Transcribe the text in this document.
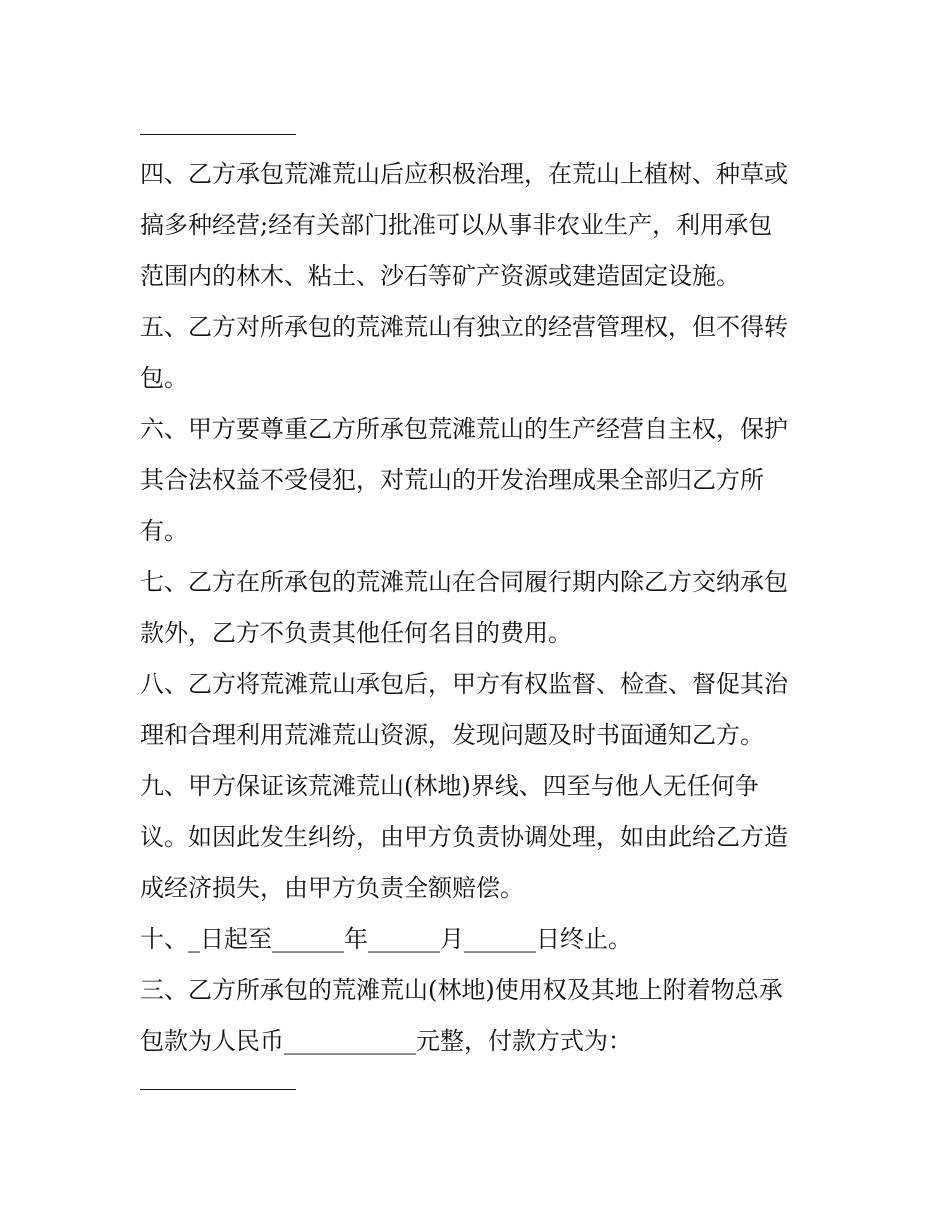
四、乙方承包荒滩荒山后应积极治理，在荒山上植树、种草或
搞多种经营;经有关部门批准可以从事非农业生产，利用承包
范围内的林木、粘土、沙石等矿产资源或建造固定设施。
五、乙方对所承包的荒滩荒山有独立的经营管理权，但不得转
包。
六、甲方要尊重乙方所承包荒滩荒山的生产经营自主权，保护
其合法权益不受侵犯，对荒山的开发治理成果全部归乙方所
有。
七、乙方在所承包的荒滩荒山在合同履行期内除乙方交纳承包
款外，乙方不负责其他任何名目的费用。
八、乙方将荒滩荒山承包后，甲方有权监督、检查、督促其治
理和合理利用荒滩荒山资源，发现问题及时书面通知乙方。
九、甲方保证该荒滩荒山(林地)界线、四至与他人无任何争
议。如因此发生纠纷，由甲方负责协调处理，如由此给乙方造
成经济损失，由甲方负责全额赔偿。
十、_日起至______年______月______日终止。
三、乙方所承包的荒滩荒山(林地)使用权及其地上附着物总承
包款为人民币___________元整，付款方式为：
